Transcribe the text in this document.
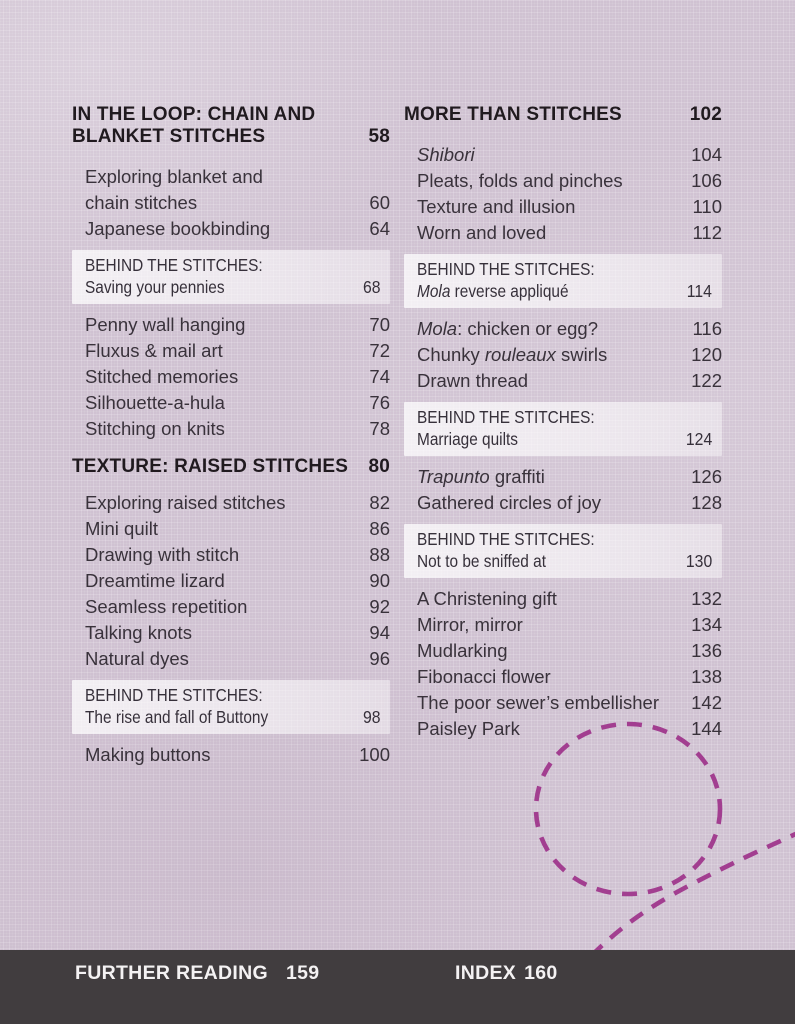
IN THE LOOP: CHAIN AND
BLANKET STITCHES	58
Exploring blanket and
chain stitches	60
Japanese bookbinding	64
BEHIND THE STITCHES:
Saving your pennies	68
Penny wall hanging	70
Fluxus & mail art	72
Stitched memories	74
Silhouette-a-hula	76
Stitching on knits	78
TEXTURE: RAISED STITCHES 80
Exploring raised stitches	82
Mini quilt	86
Drawing with stitch	88
Dreamtime lizard	90
Seamless repetition	92
Talking knots	94
Natural dyes	96
BEHIND THE STITCHES:
The rise and fall of Buttony	98
Making buttons	100
MORE THAN STITCHES	102
Shibori	104
Pleats, folds and pinches	106
Texture and illusion	110
Worn and loved	112
BEHIND THE STITCHES:
Mola reverse appliqué	114
Mola: chicken or egg?	116
Chunky rouleaux swirls	120
Drawn thread	122
BEHIND THE STITCHES:
Marriage quilts	124
Trapunto graffiti	126
Gathered circles of joy	128
BEHIND THE STITCHES:
Not to be sniffed at	130
A Christening gift	132
Mirror, mirror	134
Mudlarking	136
Fibonacci flower	138
The poor sewer’s embellisher 142
Paisley Park	144
FURTHER READING 159	INDEX 160
